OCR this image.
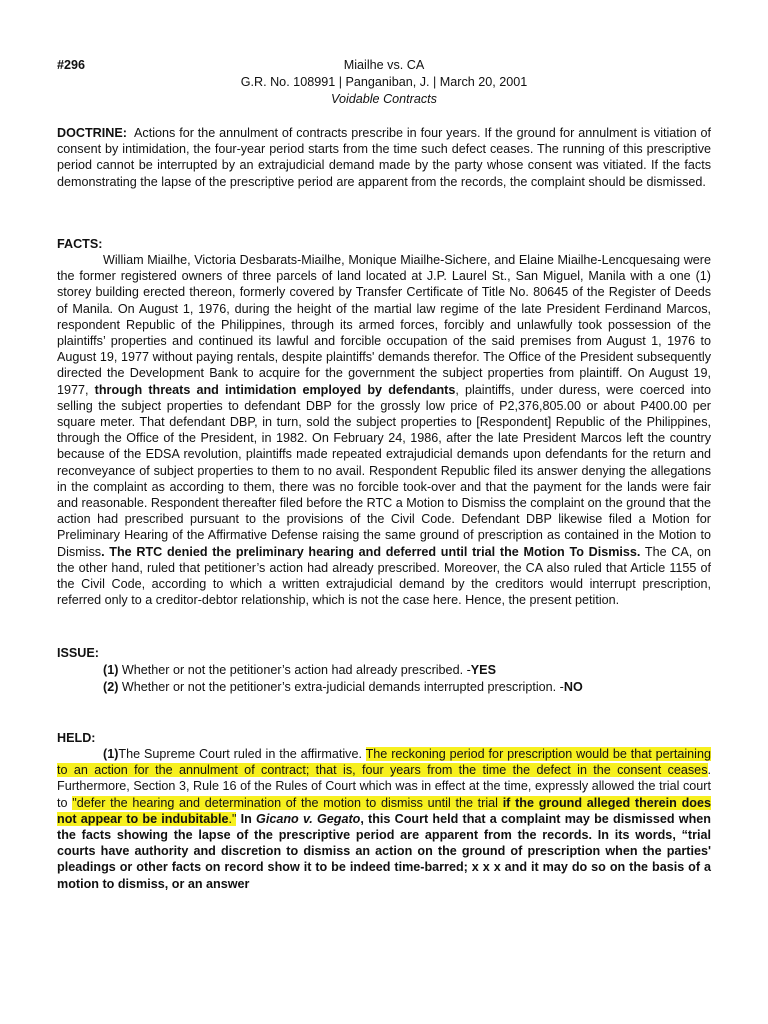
#296	Miailhe vs. CA
G.R. No. 108991 | Panganiban, J. | March 20, 2001
Voidable Contracts
DOCTRINE: Actions for the annulment of contracts prescribe in four years. If the ground for annulment is vitiation of consent by intimidation, the four-year period starts from the time such defect ceases. The running of this prescriptive period cannot be interrupted by an extrajudicial demand made by the party whose consent was vitiated. If the facts demonstrating the lapse of the prescriptive period are apparent from the records, the complaint should be dismissed.
FACTS:
William Miailhe, Victoria Desbarats-Miailhe, Monique Miailhe-Sichere, and Elaine Miailhe-Lencquesaing were the former registered owners of three parcels of land located at J.P. Laurel St., San Miguel, Manila with a one (1) storey building erected thereon, formerly covered by Transfer Certificate of Title No. 80645 of the Register of Deeds of Manila. On August 1, 1976, during the height of the martial law regime of the late President Ferdinand Marcos, respondent Republic of the Philippines, through its armed forces, forcibly and unlawfully took possession of the plaintiffs’ properties and continued its lawful and forcible occupation of the said premises from August 1, 1976 to August 19, 1977 without paying rentals, despite plaintiffs' demands therefor. The Office of the President subsequently directed the Development Bank to acquire for the government the subject properties from plaintiff. On August 19, 1977, through threats and intimidation employed by defendants, plaintiffs, under duress, were coerced into selling the subject properties to defendant DBP for the grossly low price of P2,376,805.00 or about P400.00 per square meter. That defendant DBP, in turn, sold the subject properties to [Respondent] Republic of the Philippines, through the Office of the President, in 1982. On February 24, 1986, after the late President Marcos left the country because of the EDSA revolution, plaintiffs made repeated extrajudicial demands upon defendants for the return and reconveyance of subject properties to them to no avail. Respondent Republic filed its answer denying the allegations in the complaint as according to them, there was no forcible took-over and that the payment for the lands were fair and reasonable. Respondent thereafter filed before the RTC a Motion to Dismiss the complaint on the ground that the action had prescribed pursuant to the provisions of the Civil Code. Defendant DBP likewise filed a Motion for Preliminary Hearing of the Affirmative Defense raising the same ground of prescription as contained in the Motion to Dismiss. The RTC denied the preliminary hearing and deferred until trial the Motion To Dismiss. The CA, on the other hand, ruled that petitioner’s action had already prescribed. Moreover, the CA also ruled that Article 1155 of the Civil Code, according to which a written extrajudicial demand by the creditors would interrupt prescription, referred only to a creditor-debtor relationship, which is not the case here. Hence, the present petition.
ISSUE:
(1) Whether or not the petitioner’s action had already prescribed. -YES
(2) Whether or not the petitioner’s extra-judicial demands interrupted prescription. -NO
HELD:
(1)The Supreme Court ruled in the affirmative. The reckoning period for prescription would be that pertaining to an action for the annulment of contract; that is, four years from the time the defect in the consent ceases. Furthermore, Section 3, Rule 16 of the Rules of Court which was in effect at the time, expressly allowed the trial court to "defer the hearing and determination of the motion to dismiss until the trial if the ground alleged therein does not appear to be indubitable." In Gicano v. Gegato, this Court held that a complaint may be dismissed when the facts showing the lapse of the prescriptive period are apparent from the records. In its words, “trial courts have authority and discretion to dismiss an action on the ground of prescription when the parties' pleadings or other facts on record show it to be indeed time-barred; x x x and it may do so on the basis of a motion to dismiss, or an answer
